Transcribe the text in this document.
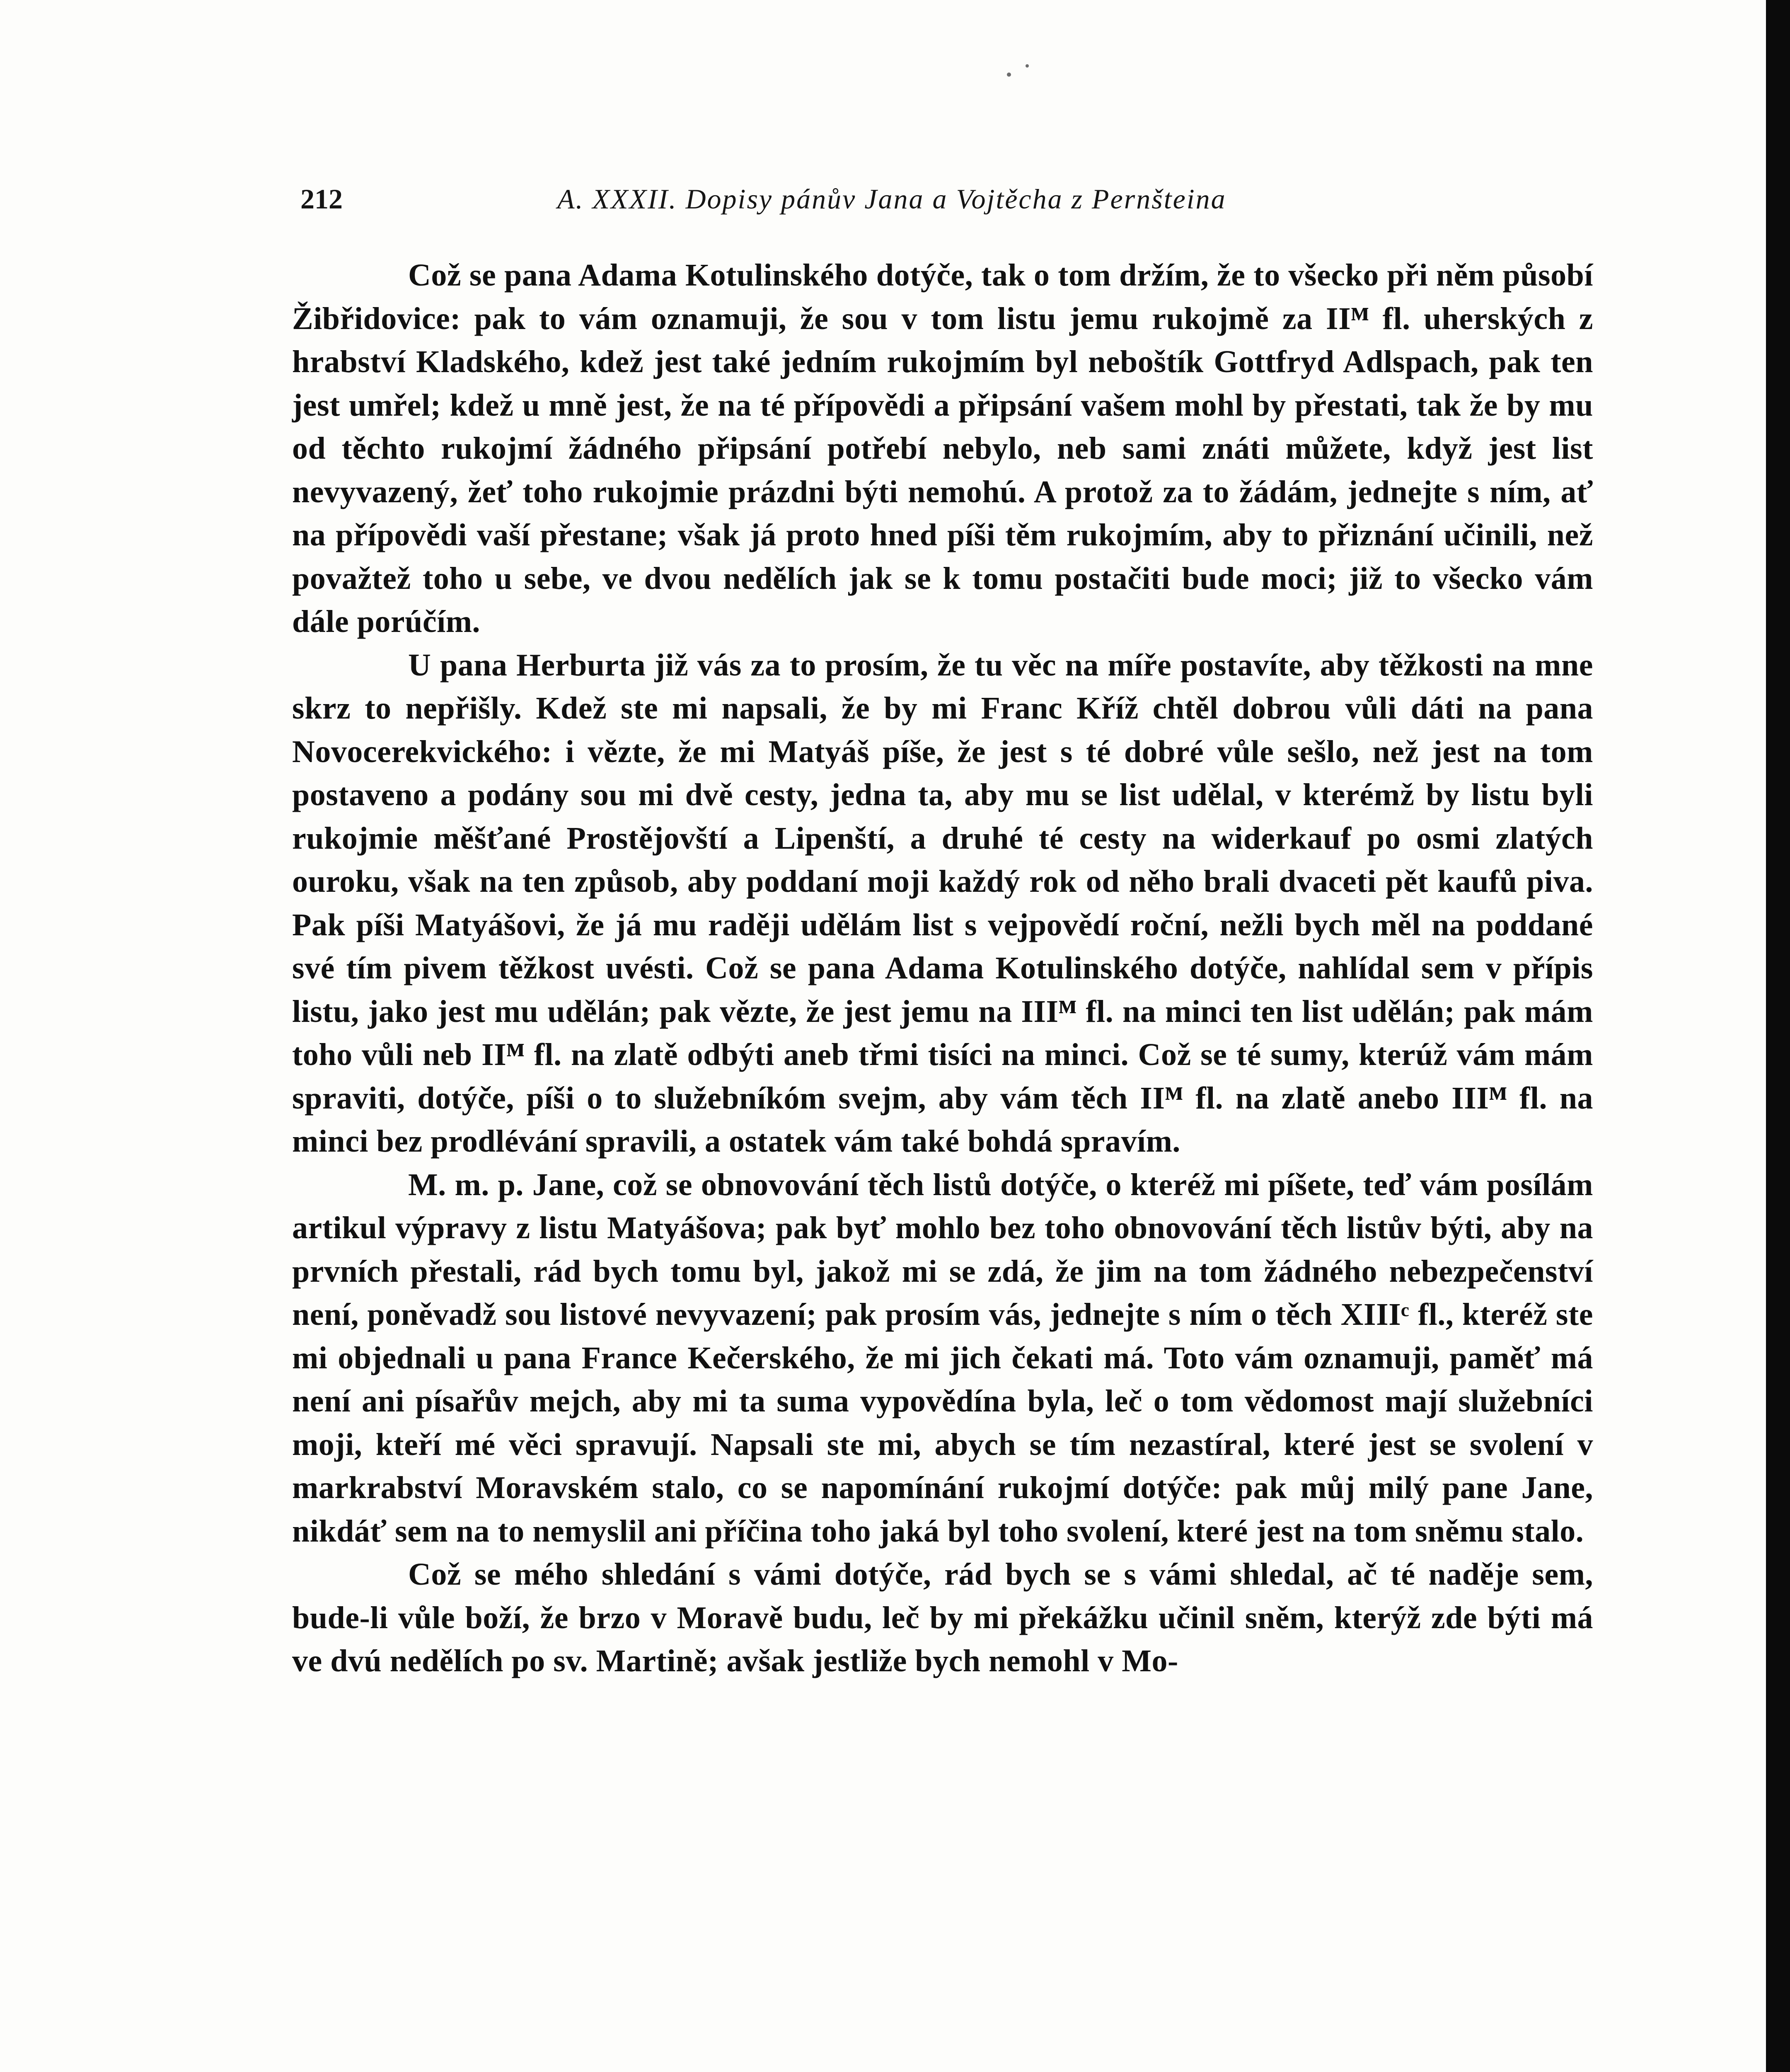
212	A. XXXII. Dopisy pánův Jana a Vojtěcha z Pernšteina

Což se pana Adama Kotulinského dotýče, tak o tom držím, že to všecko při něm působí Žibřidovice: pak to vám oznamuji, že sou v tom listu jemu rukojmě za IIᴹ fl. uherských z hrabství Kladského, kdež jest také jedním rukojmím byl neboštík Gottfryd Adlspach, pak ten jest umřel; kdež u mně jest, že na té přípovědi a připsání vašem mohl by přestati, tak že by mu od těchto rukojmí žádného připsání potřebí nebylo, neb sami znáti můžete, když jest list nevyvazený, žeť toho rukojmie prázdni býti nemohú. A protož za to žádám, jednejte s ním, ať na přípovědi vaší přestane; však já proto hned píši těm rukojmím, aby to přiznání učinili, než považtež toho u sebe, ve dvou nedělích jak se k tomu postačiti bude moci; již to všecko vám dále porúčím.

U pana Herburta již vás za to prosím, že tu věc na míře postavíte, aby těžkosti na mne skrz to nepřišly. Kdež ste mi napsali, že by mi Franc Kříž chtěl dobrou vůli dáti na pana Novocerekvického: i vězte, že mi Matyáš píše, že jest s té dobré vůle sešlo, než jest na tom postaveno a podány sou mi dvě cesty, jedna ta, aby mu se list udělal, v kterémž by listu byli rukojmie měšťané Prostějovští a Lipenští, a druhé té cesty na widerkauf po osmi zlatých ouroku, však na ten způsob, aby poddaní moji každý rok od něho brali dvaceti pět kaufů piva. Pak píši Matyášovi, že já mu raději udělám list s vejpovědí roční, nežli bych měl na poddané své tím pivem těžkost uvésti. Což se pana Adama Kotulinského dotýče, nahlídal sem v přípis listu, jako jest mu udělán; pak vězte, že jest jemu na IIIᴹ fl. na minci ten list udělán; pak mám toho vůli neb IIᴹ fl. na zlatě odbýti aneb třmi tisíci na minci. Což se té sumy, kterúž vám mám spraviti, dotýče, píši o to služebníkóm svejm, aby vám těch IIᴹ fl. na zlatě anebo IIIᴹ fl. na minci bez prodlévání spravili, a ostatek vám také bohdá spravím.

M. m. p. Jane, což se obnovování těch listů dotýče, o kteréž mi píšete, teď vám posílám artikul výpravy z listu Matyášova; pak byť mohlo bez toho obnovování těch listův býti, aby na prvních přestali, rád bych tomu byl, jakož mi se zdá, že jim na tom žádného nebezpečenství není, poněvadž sou listové nevyvazení; pak prosím vás, jednejte s ním o těch XIIIᶜ fl., kteréž ste mi objednali u pana France Kečerského, že mi jich čekati má. Toto vám oznamuji, paměť má není ani písařův mejch, aby mi ta suma vypovědína byla, leč o tom vědomost mají služebníci moji, kteří mé věci spravují. Napsali ste mi, abych se tím nezastíral, které jest se svolení v markrabství Moravském stalo, co se napomínání rukojmí dotýče: pak můj milý pane Jane, nikdáť sem na to nemyslil ani příčina toho jaká byl toho svolení, které jest na tom sněmu stalo.

Což se mého shledání s vámi dotýče, rád bych se s vámi shledal, ač té naděje sem, bude-li vůle boží, že brzo v Moravě budu, leč by mi překážku učinil sněm, kterýž zde býti má ve dvú nedělích po sv. Martině; avšak jestliže bych nemohl v Mo-
